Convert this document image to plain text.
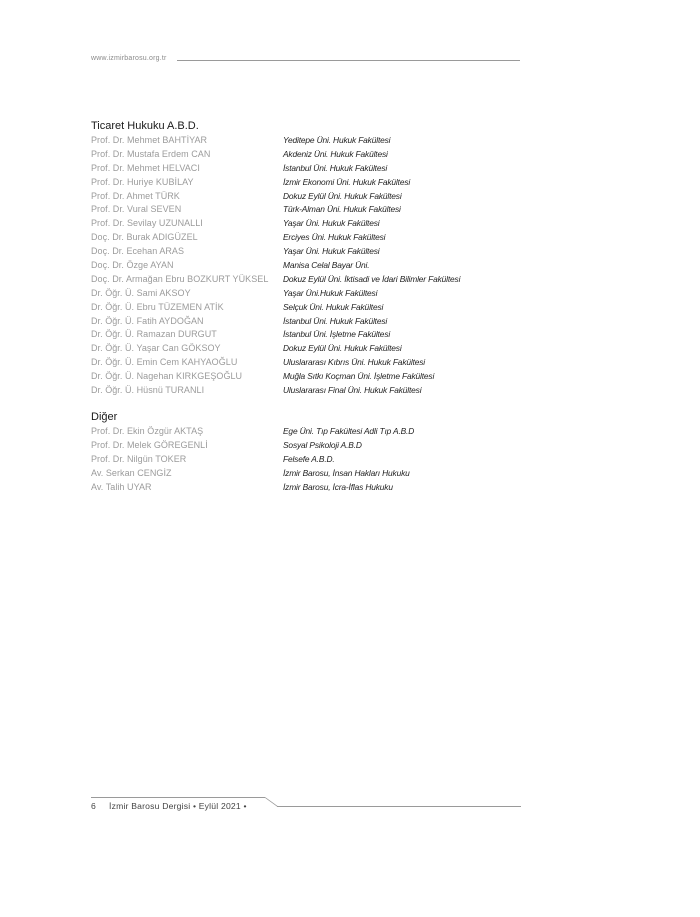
www.izmirbarosu.org.tr
Ticaret Hukuku A.B.D.
Prof. Dr. Mehmet BAHTİYAR	Yeditepe Üni. Hukuk Fakültesi
Prof. Dr. Mustafa Erdem CAN	Akdeniz Üni. Hukuk Fakültesi
Prof. Dr. Mehmet HELVACI	İstanbul Üni. Hukuk Fakültesi
Prof. Dr. Huriye KUBİLAY	İzmir Ekonomi Üni. Hukuk Fakültesi
Prof. Dr. Ahmet TÜRK	Dokuz Eylül Üni. Hukuk Fakültesi
Prof. Dr. Vural SEVEN	Türk-Alman Üni. Hukuk Fakültesi
Prof. Dr. Sevilay UZUNALLI	Yaşar Üni. Hukuk Fakültesi
Doç. Dr. Burak ADIGÜZEL	Erciyes Üni. Hukuk Fakültesi
Doç. Dr. Ecehan ARAS	Yaşar Üni. Hukuk Fakültesi
Doç. Dr. Özge AYAN	Manisa Celal Bayar Üni.
Doç. Dr. Armağan Ebru BOZKURT YÜKSEL Dokuz Eylül Üni. İktisadi ve İdari Bilimler Fakültesi
Dr. Öğr. Ü. Sami AKSOY	Yaşar Üni.Hukuk Fakültesi
Dr. Öğr. Ü. Ebru TÜZEMEN ATİK	Selçuk Üni. Hukuk Fakültesi
Dr. Öğr. Ü. Fatih AYDOĞAN	İstanbul Üni. Hukuk Fakültesi
Dr. Öğr. Ü. Ramazan DURGUT	İstanbul Üni. İşletme Fakültesi
Dr. Öğr. Ü. Yaşar Can GÖKSOY	Dokuz Eylül Üni. Hukuk Fakültesi
Dr. Öğr. Ü. Emin Cem KAHYAOĞLU	Uluslararası Kıbrıs Üni. Hukuk Fakültesi
Dr. Öğr. Ü. Nagehan KIRKGEŞOĞLU	Muğla Sıtkı Koçman Üni. İşletme Fakültesi
Dr. Öğr. Ü. Hüsnü TURANLI	Uluslararası Final Üni. Hukuk Fakültesi
Diğer
Prof. Dr. Ekin Özgür AKTAŞ	Ege Üni. Tıp Fakültesi Adli Tıp A.B.D
Prof. Dr. Melek GÖREGENLİ	Sosyal Psikoloji A.B.D
Prof. Dr. Nilgün TOKER	Felsefe A.B.D.
Av. Serkan CENGİZ	İzmir Barosu, İnsan Hakları Hukuku
Av. Talih UYAR	İzmir Barosu, İcra-İflas Hukuku
6 İzmir Barosu Dergisi • Eylül 2021 •
